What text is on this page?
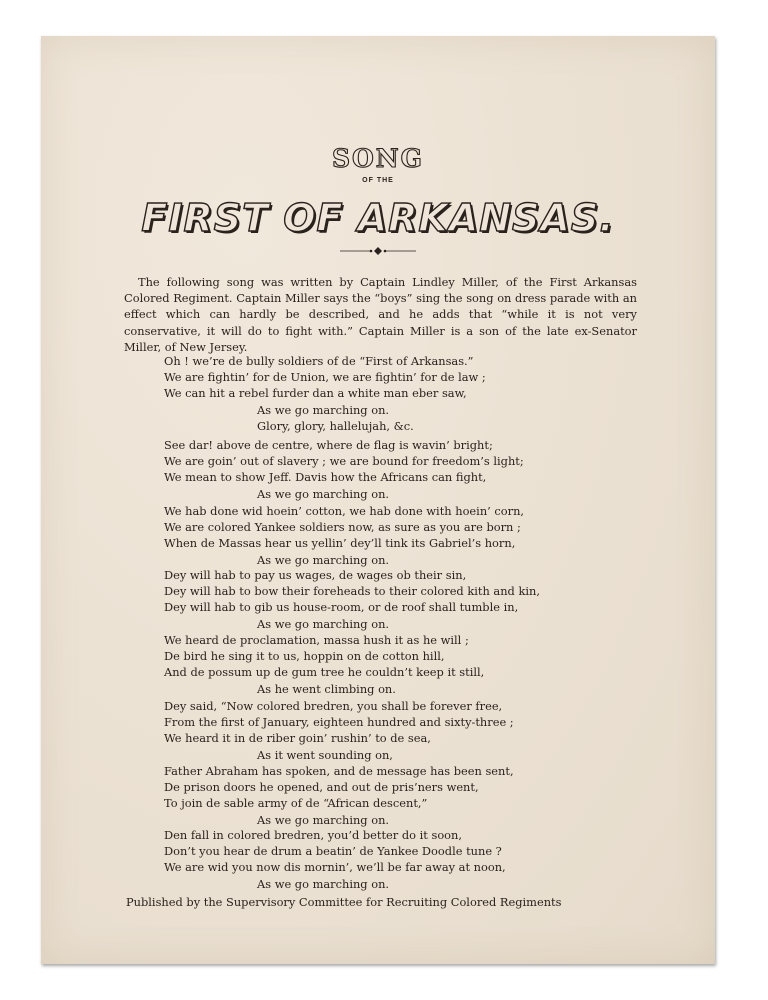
SONG
OF THE
FIRST OF ARKANSAS.
The following song was written by Captain Lindley Miller, of the First Arkansas Colored Regiment. Captain Miller says the “boys” sing the song on dress parade with an effect which can hardly be described, and he adds that “while it is not very conservative, it will do to fight with.” Captain Miller is a son of the late ex-Senator Miller, of New Jersey.
Oh ! we’re de bully soldiers of de “First of Arkansas.”
We are fightin’ for de Union, we are fightin’ for de law ;
We can hit a rebel furder dan a white man eber saw,
As we go marching on.
Glory, glory, hallelujah, &c.
See dar! above de centre, where de flag is wavin’ bright;
We are goin’ out of slavery ; we are bound for freedom’s light;
We mean to show Jeff. Davis how the Africans can fight,
As we go marching on.
We hab done wid hoein’ cotton, we hab done with hoein’ corn,
We are colored Yankee soldiers now, as sure as you are born ;
When de Massas hear us yellin’ dey’ll tink its Gabriel’s horn,
As we go marching on.
Dey will hab to pay us wages, de wages ob their sin,
Dey will hab to bow their foreheads to their colored kith and kin,
Dey will hab to gib us house-room, or de roof shall tumble in,
As we go marching on.
We heard de proclamation, massa hush it as he will ;
De bird he sing it to us, hoppin on de cotton hill,
And de possum up de gum tree he couldn’t keep it still,
As he went climbing on.
Dey said, “Now colored bredren, you shall be forever free,
From the first of January, eighteen hundred and sixty-three ;
We heard it in de riber goin’ rushin’ to de sea,
As it went sounding on,
Father Abraham has spoken, and de message has been sent,
De prison doors he opened, and out de pris’ners went,
To join de sable army of de “African descent,”
As we go marching on.
Den fall in colored bredren, you’d better do it soon,
Don’t you hear de drum a beatin’ de Yankee Doodle tune ?
We are wid you now dis mornin’, we’ll be far away at noon,
As we go marching on.
Published by the Supervisory Committee for Recruiting Colored Regiments
